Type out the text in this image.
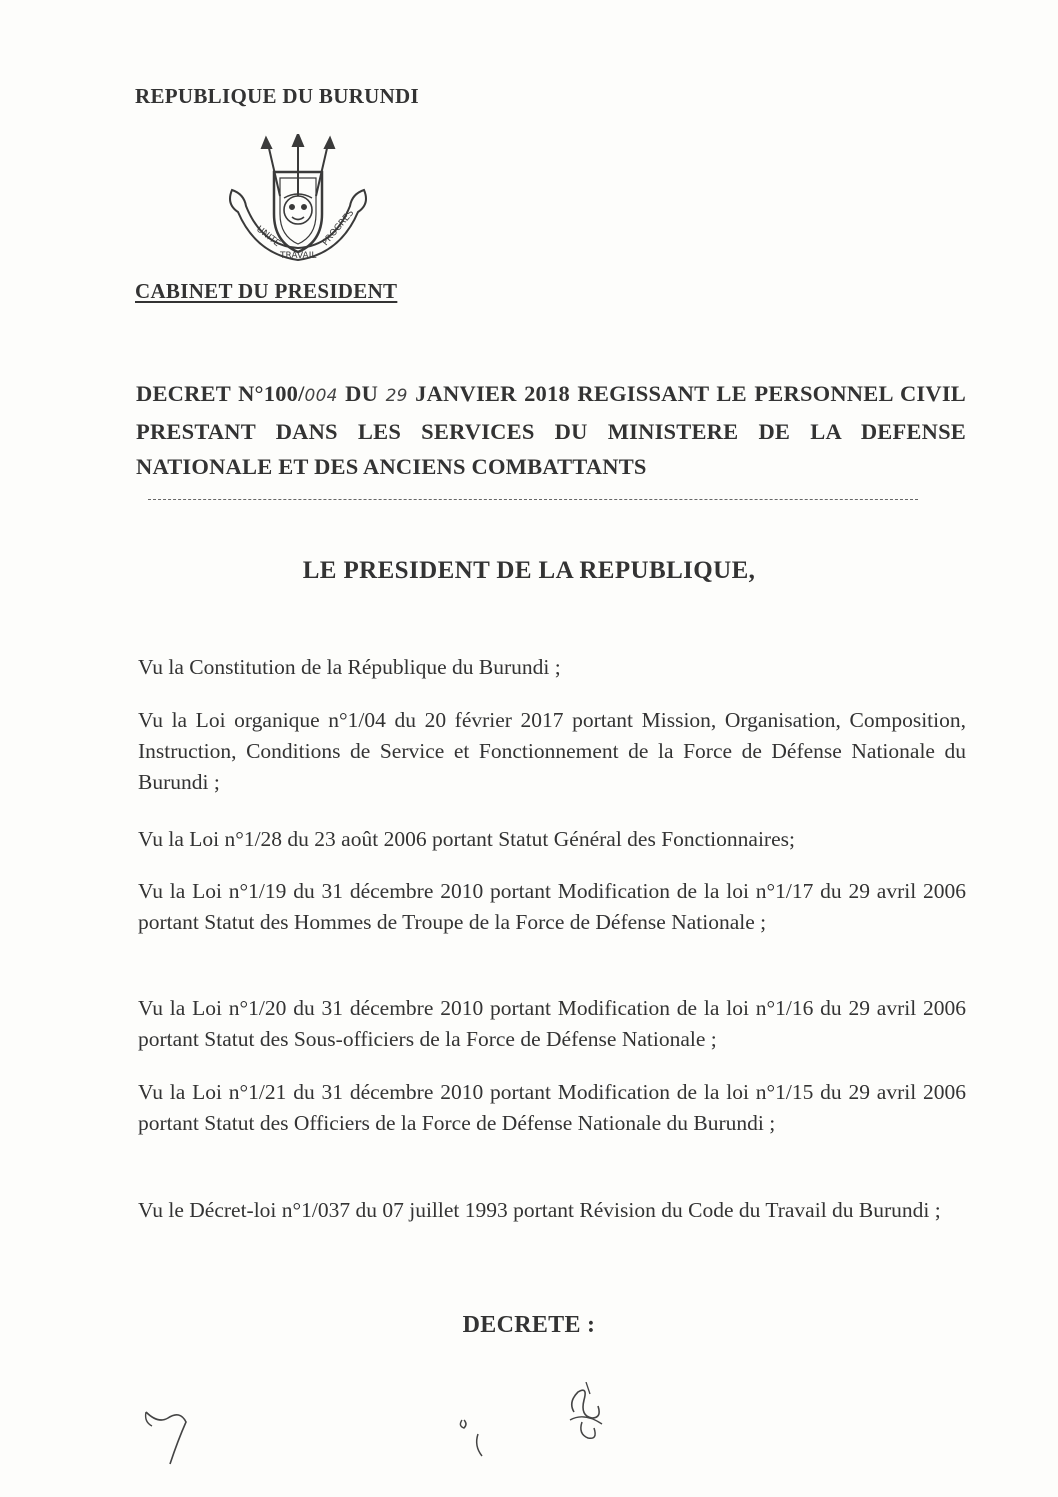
REPUBLIQUE DU BURUNDI
UNITE
TRAVAIL
PROGRES
CABINET DU PRESIDENT
DECRET N°100/004 DU 29 JANVIER 2018 REGISSANT LE PERSONNEL CIVIL PRESTANT DANS LES SERVICES DU MINISTERE DE LA DEFENSE NATIONALE ET DES ANCIENS COMBATTANTS
LE PRESIDENT DE LA REPUBLIQUE,
Vu la Constitution de la République du Burundi ;
Vu la Loi organique n°1/04 du 20 février 2017 portant Mission, Organisation, Composition, Instruction, Conditions de Service et Fonctionnement de la Force de Défense Nationale du Burundi ;
Vu la Loi n°1/28 du 23 août 2006 portant Statut Général des Fonctionnaires;
Vu la Loi n°1/19 du 31 décembre 2010 portant Modification de la loi n°1/17 du 29 avril 2006 portant Statut des Hommes de Troupe de la Force de Défense Nationale ;
Vu la Loi n°1/20 du 31 décembre 2010 portant Modification de la loi n°1/16 du 29 avril 2006 portant Statut des Sous-officiers de la Force de Défense Nationale ;
Vu la Loi n°1/21 du 31 décembre 2010 portant Modification de la loi n°1/15 du 29 avril 2006 portant Statut des Officiers de la Force de Défense Nationale du Burundi ;
Vu le Décret-loi n°1/037 du 07 juillet 1993 portant Révision du Code du Travail du Burundi ;
DECRETE :
